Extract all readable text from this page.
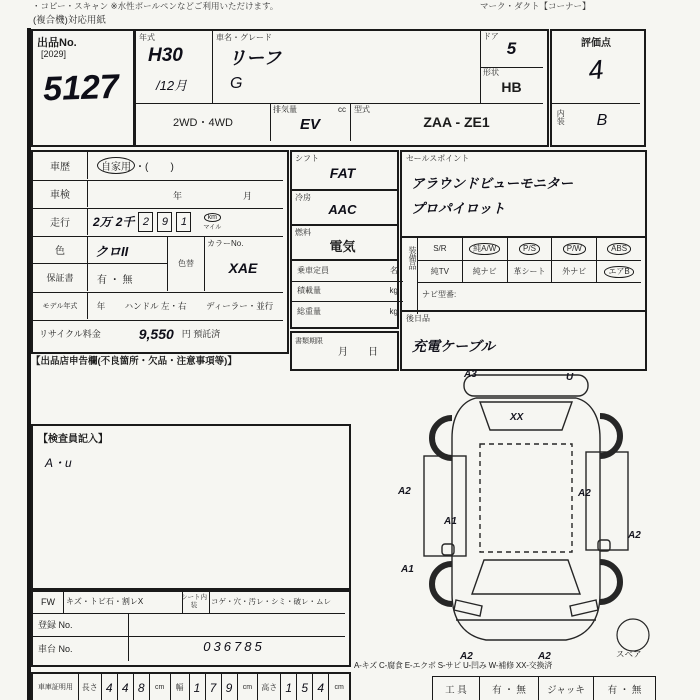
・コピー・スキャン ※水性ボールペンなどご利用いただけます。	マーク・ダクト【コーナー】
(複合機)対応用紙
出品No.
[2029]
5127
年式
H30
/12月
車名・グレード
リーフ
G
ドア
5
形状
HB
2WD・4WD
排気量	cc
EV
型式
ZAA - ZE1
評価点
4
内装	B
車歴	自家用 ・(        )
車検	年	月
走行	2万 2千 2	9	1	km
マイル
色	クロII
保証書	有 ・ 無
色替
カラーNo.
XAE
モデル年式	年 ハンドル 左・右 ディーラー・並行
リサイクル料金	9,550 円 預託済
【出品店申告欄(不良箇所・欠品・注意事項等)】
シフト
FAT
冷房
AAC
燃料
電気
乗車定員	名
積載量	kg
総重量	kg
書類期限
月　　日
セールスポイント
アラウンドビューモニター
プロパイロット
装備品 S/R	純A/W	P/S	P/W	ABS
純TV	純ナビ 革シート 外ナビ	エアB
ナビ型番:
後日品
充電ケーブル
【検査員記入】
A・u
FW	キズ・トビ石・割レX	シート内装	コゲ・穴・汚レ・シミ・破レ・ムレ
登録 No.
車台 No.	036785
車庫証明用	長さ 4 4 8	cm	幅 1 7 9	cm	高さ 1 5 4	cm
A3	U
XX
A2	A2
A1
A2
A1
A2	A2	スペア
A-キズ C-腐食 E-エクボ S-サビ U-凹み W-補修 XX-交換済
工 具	有 ・ 無	ジャッキ	有 ・ 無
